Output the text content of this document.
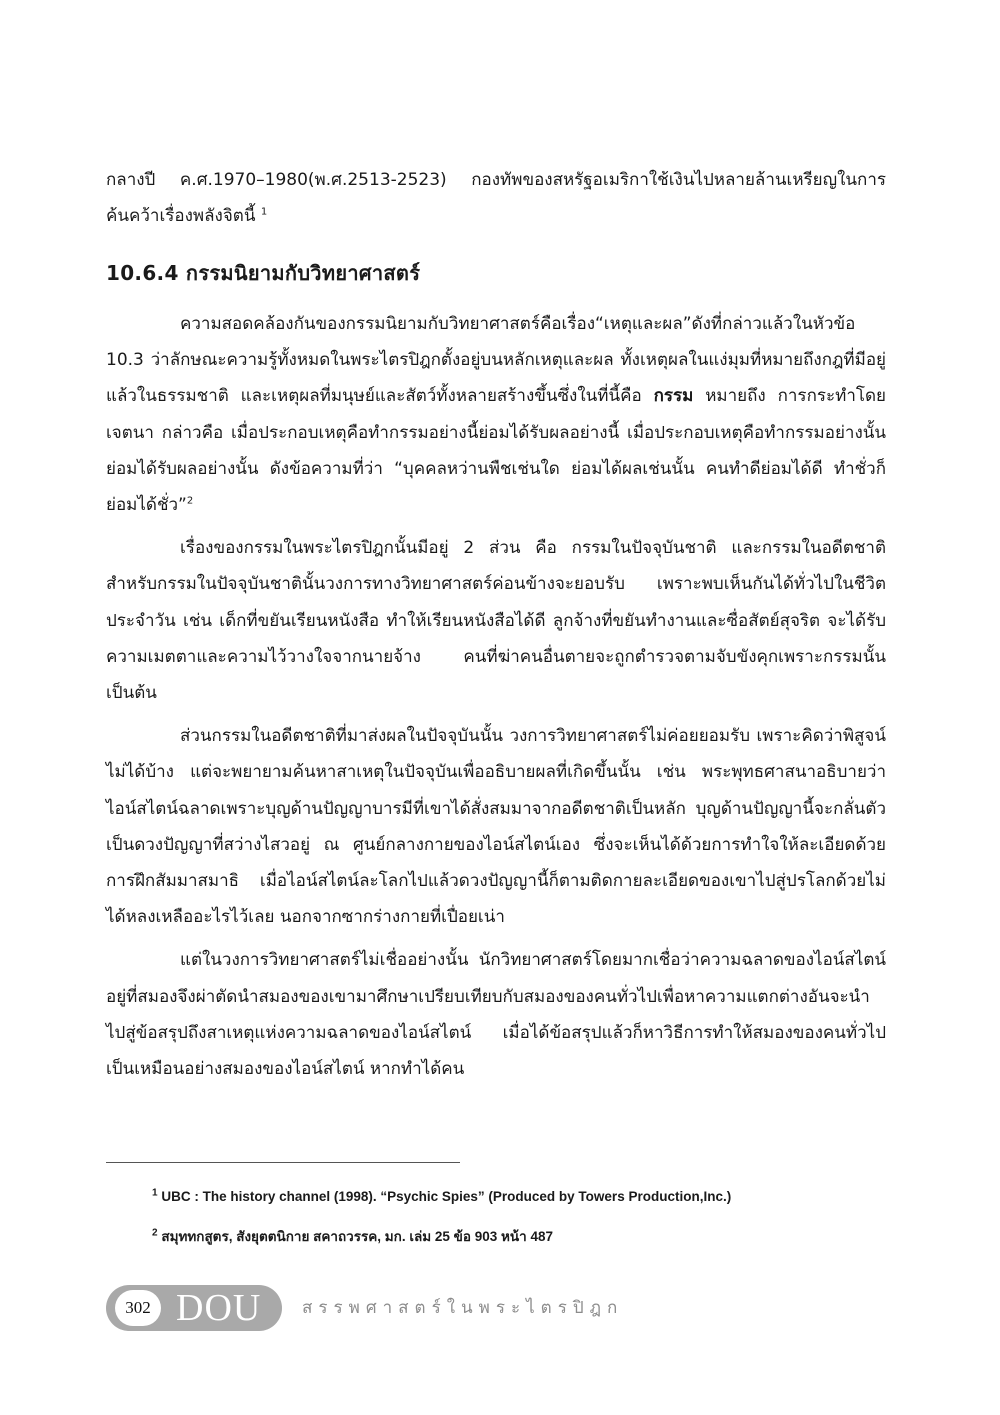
กลางปี ค.ศ.1970–1980(พ.ศ.2513-2523) กองทัพของสหรัฐอเมริกาใช้เงินไปหลายล้านเหรียญในการค้นคว้าเรื่องพลังจิตนี้ $^1$
10.6.4 กรรมนิยามกับวิทยาศาสตร์

ความสอดคล้องกันของกรรมนิยามกับวิทยาศาสตร์คือเรื่อง“เหตุและผล”ดังที่กล่าวแล้วในหัวข้อ 10.3 ว่าลักษณะความรู้ทั้งหมดในพระไตรปิฎกตั้งอยู่บนหลักเหตุและผล ทั้งเหตุผลในแง่มุมที่หมายถึงกฎที่มีอยู่แล้วในธรรมชาติ และเหตุผลที่มนุษย์และสัตว์ทั้งหลายสร้างขึ้นซึ่งในที่นี้คือ กรรม หมายถึง การกระทำโดยเจตนา กล่าวคือ เมื่อประกอบเหตุคือทำกรรมอย่างนี้ย่อมได้รับผลอย่างนี้ เมื่อประกอบเหตุคือทำกรรมอย่างนั้น ย่อมได้รับผลอย่างนั้น ดังข้อความที่ว่า “บุคคลหว่านพืชเช่นใด ย่อมได้ผลเช่นนั้น คนทำดีย่อมได้ดี ทำชั่วก็ย่อมได้ชั่ว”$^2$

เรื่องของกรรมในพระไตรปิฎกนั้นมีอยู่ 2 ส่วน คือ กรรมในปัจจุบันชาติ และกรรมในอดีตชาติ สำหรับกรรมในปัจจุบันชาตินั้นวงการทางวิทยาศาสตร์ค่อนข้างจะยอบรับ เพราะพบเห็นกันได้ทั่วไปในชีวิตประจำวัน เช่น เด็กที่ขยันเรียนหนังสือ ทำให้เรียนหนังสือได้ดี ลูกจ้างที่ขยันทำงานและซื่อสัตย์สุจริต จะได้รับความเมตตาและความไว้วางใจจากนายจ้าง คนที่ฆ่าคนอื่นตายจะถูกตำรวจตามจับขังคุกเพราะกรรมนั้น เป็นต้น

ส่วนกรรมในอดีตชาติที่มาส่งผลในปัจจุบันนั้น วงการวิทยาศาสตร์ไม่ค่อยยอมรับ เพราะคิดว่าพิสูจน์ไม่ได้บ้าง แต่จะพยายามค้นหาสาเหตุในปัจจุบันเพื่ออธิบายผลที่เกิดขึ้นนั้น เช่น พระพุทธศาสนาอธิบายว่า ไอน์สไตน์ฉลาดเพราะบุญด้านปัญญาบารมีที่เขาได้สั่งสมมาจากอดีตชาติเป็นหลัก บุญด้านปัญญานี้จะกลั่นตัวเป็นดวงปัญญาที่สว่างไสวอยู่ ณ ศูนย์กลางกายของไอน์สไตน์เอง ซึ่งจะเห็นได้ด้วยการทำใจให้ละเอียดด้วยการฝึกสัมมาสมาธิ เมื่อไอน์สไตน์ละโลกไปแล้วดวงปัญญานี้ก็ตามติดกายละเอียดของเขาไปสู่ปรโลกด้วยไม่ได้หลงเหลืออะไรไว้เลย นอกจากซากร่างกายที่เปื่อยเน่า

แต่ในวงการวิทยาศาสตร์ไม่เชื่ออย่างนั้น นักวิทยาศาสตร์โดยมากเชื่อว่าความฉลาดของไอน์สไตน์อยู่ที่สมองจึงผ่าตัดนำสมองของเขามาศึกษาเปรียบเทียบกับสมองของคนทั่วไปเพื่อหาความแตกต่างอันจะนำไปสู่ข้อสรุปถึงสาเหตุแห่งความฉลาดของไอน์สไตน์ เมื่อได้ข้อสรุปแล้วก็หาวิธีการทำให้สมองของคนทั่วไปเป็นเหมือนอย่างสมองของไอน์สไตน์ หากทำได้คน

$^1$ UBC : The history channel (1998). “Psychic Spies” (Produced by Towers Production,Inc.)

$^2$ สมุททกสูตร, สังยุตตนิกาย สคาถวรรค, มก. เล่ม 25 ข้อ 903 หน้า 487

302 DOU สรรพศาสตร์ในพระไตรปิฎก
